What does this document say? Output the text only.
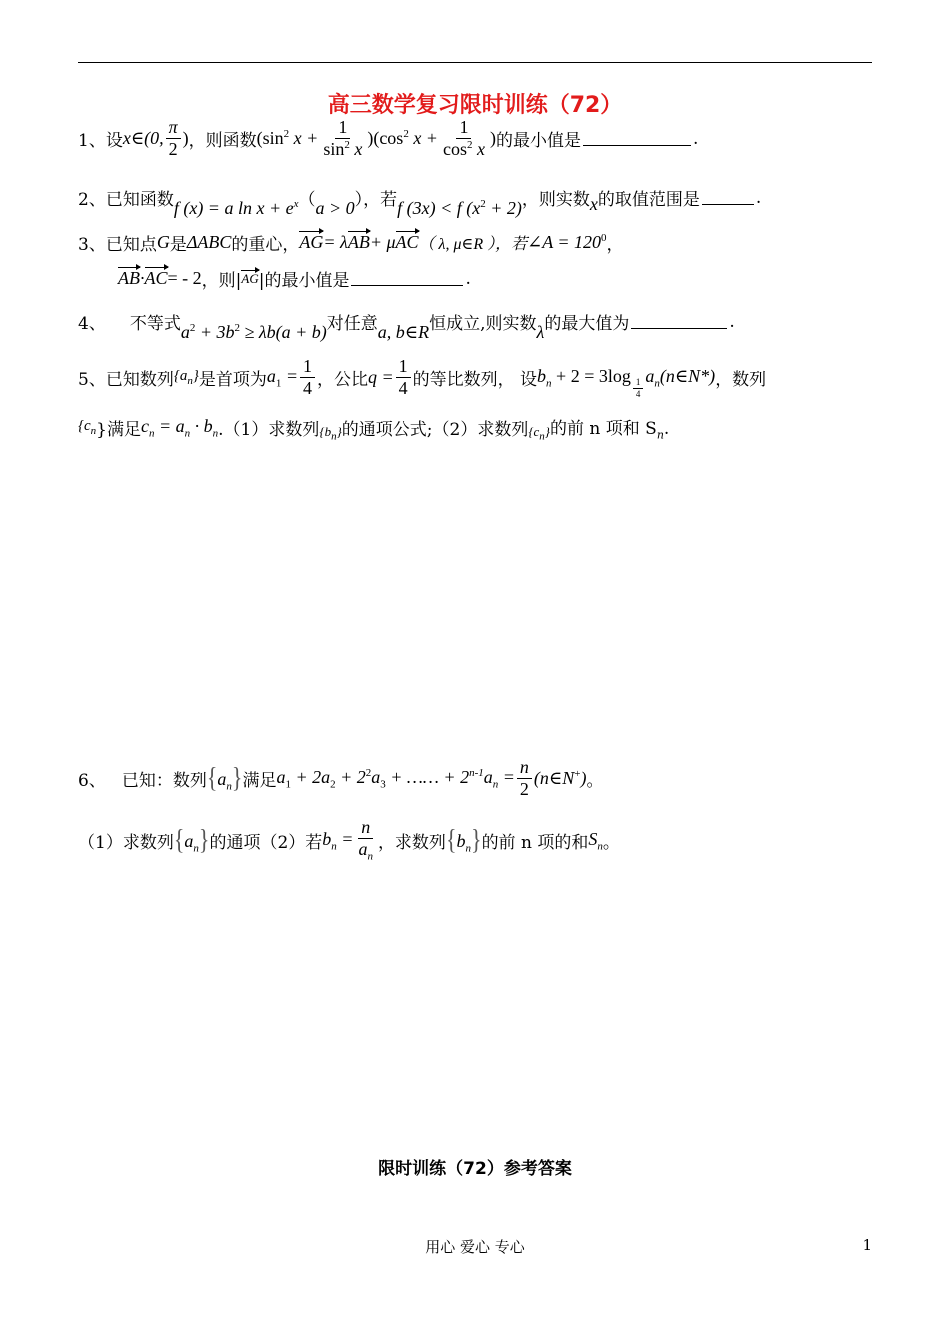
高三数学复习限时训练（72）
1、设 x∈(0, $\frac{\pi}{2}$ ) ，则函数 ($\sin^2$ $x + \frac{1}{\sin^2 x} )(\cos^2$ $x + \frac{1}{\cos^2 x}$ ) 的最小值是	.
2、已知函数 f (x) = a $\ln x + e^x$ （ a > 0 ），若 f (3x) < f $(x^2 + 2)$ ，则实数 x 的取值范围是	.
3、已知点 G 是 ΔABC 的重心， AG = λ AB + μ AC （ λ, μ∈R ），若 ∠A = $120^0$ ，
AB · AC = - 2 ，则| AG |的最小值是	.
4、 不等式 $a^2 + 3b^2 \ge \lambda b(a + b)$ 对任意 a, b∈R 恒成立,则实数 λ 的最大值为	.
5、已知数列 $\{a_n\}$ 是首项为 $a_1 = \frac{1}{4}$ ，公比 $q = \frac{1}{4}$ 的等比数列， 设 $b_n + 2 = 3\log$
$\frac{1}{4}$
$a_n(n\in N*)$ ，数列
{$c_n$ }满足 $c_n = a_n \cdot b_n$ .（1）求数列 $\{b_n\}$ 的通项公式;（2）求数列 $\{c_n\}$ 的前 n 项和 $S_n$.
6、 已知：数列 $\{a_n\}$ 满足 $a_1 + 2a_2 + 2^2a_3$ + …… + $2^{n-1}a_n = \frac{n}{2}$ (n∈N+) 。
（1）求数列 $\{a_n\}$ 的通项（2）若 $b_n = \frac{n}{a_n}$ ，求数列 $\{b_n\}$ 的前 n 项的和 $S_n$ 。
限时训练（72）参考答案
用心 爱心 专心	1
